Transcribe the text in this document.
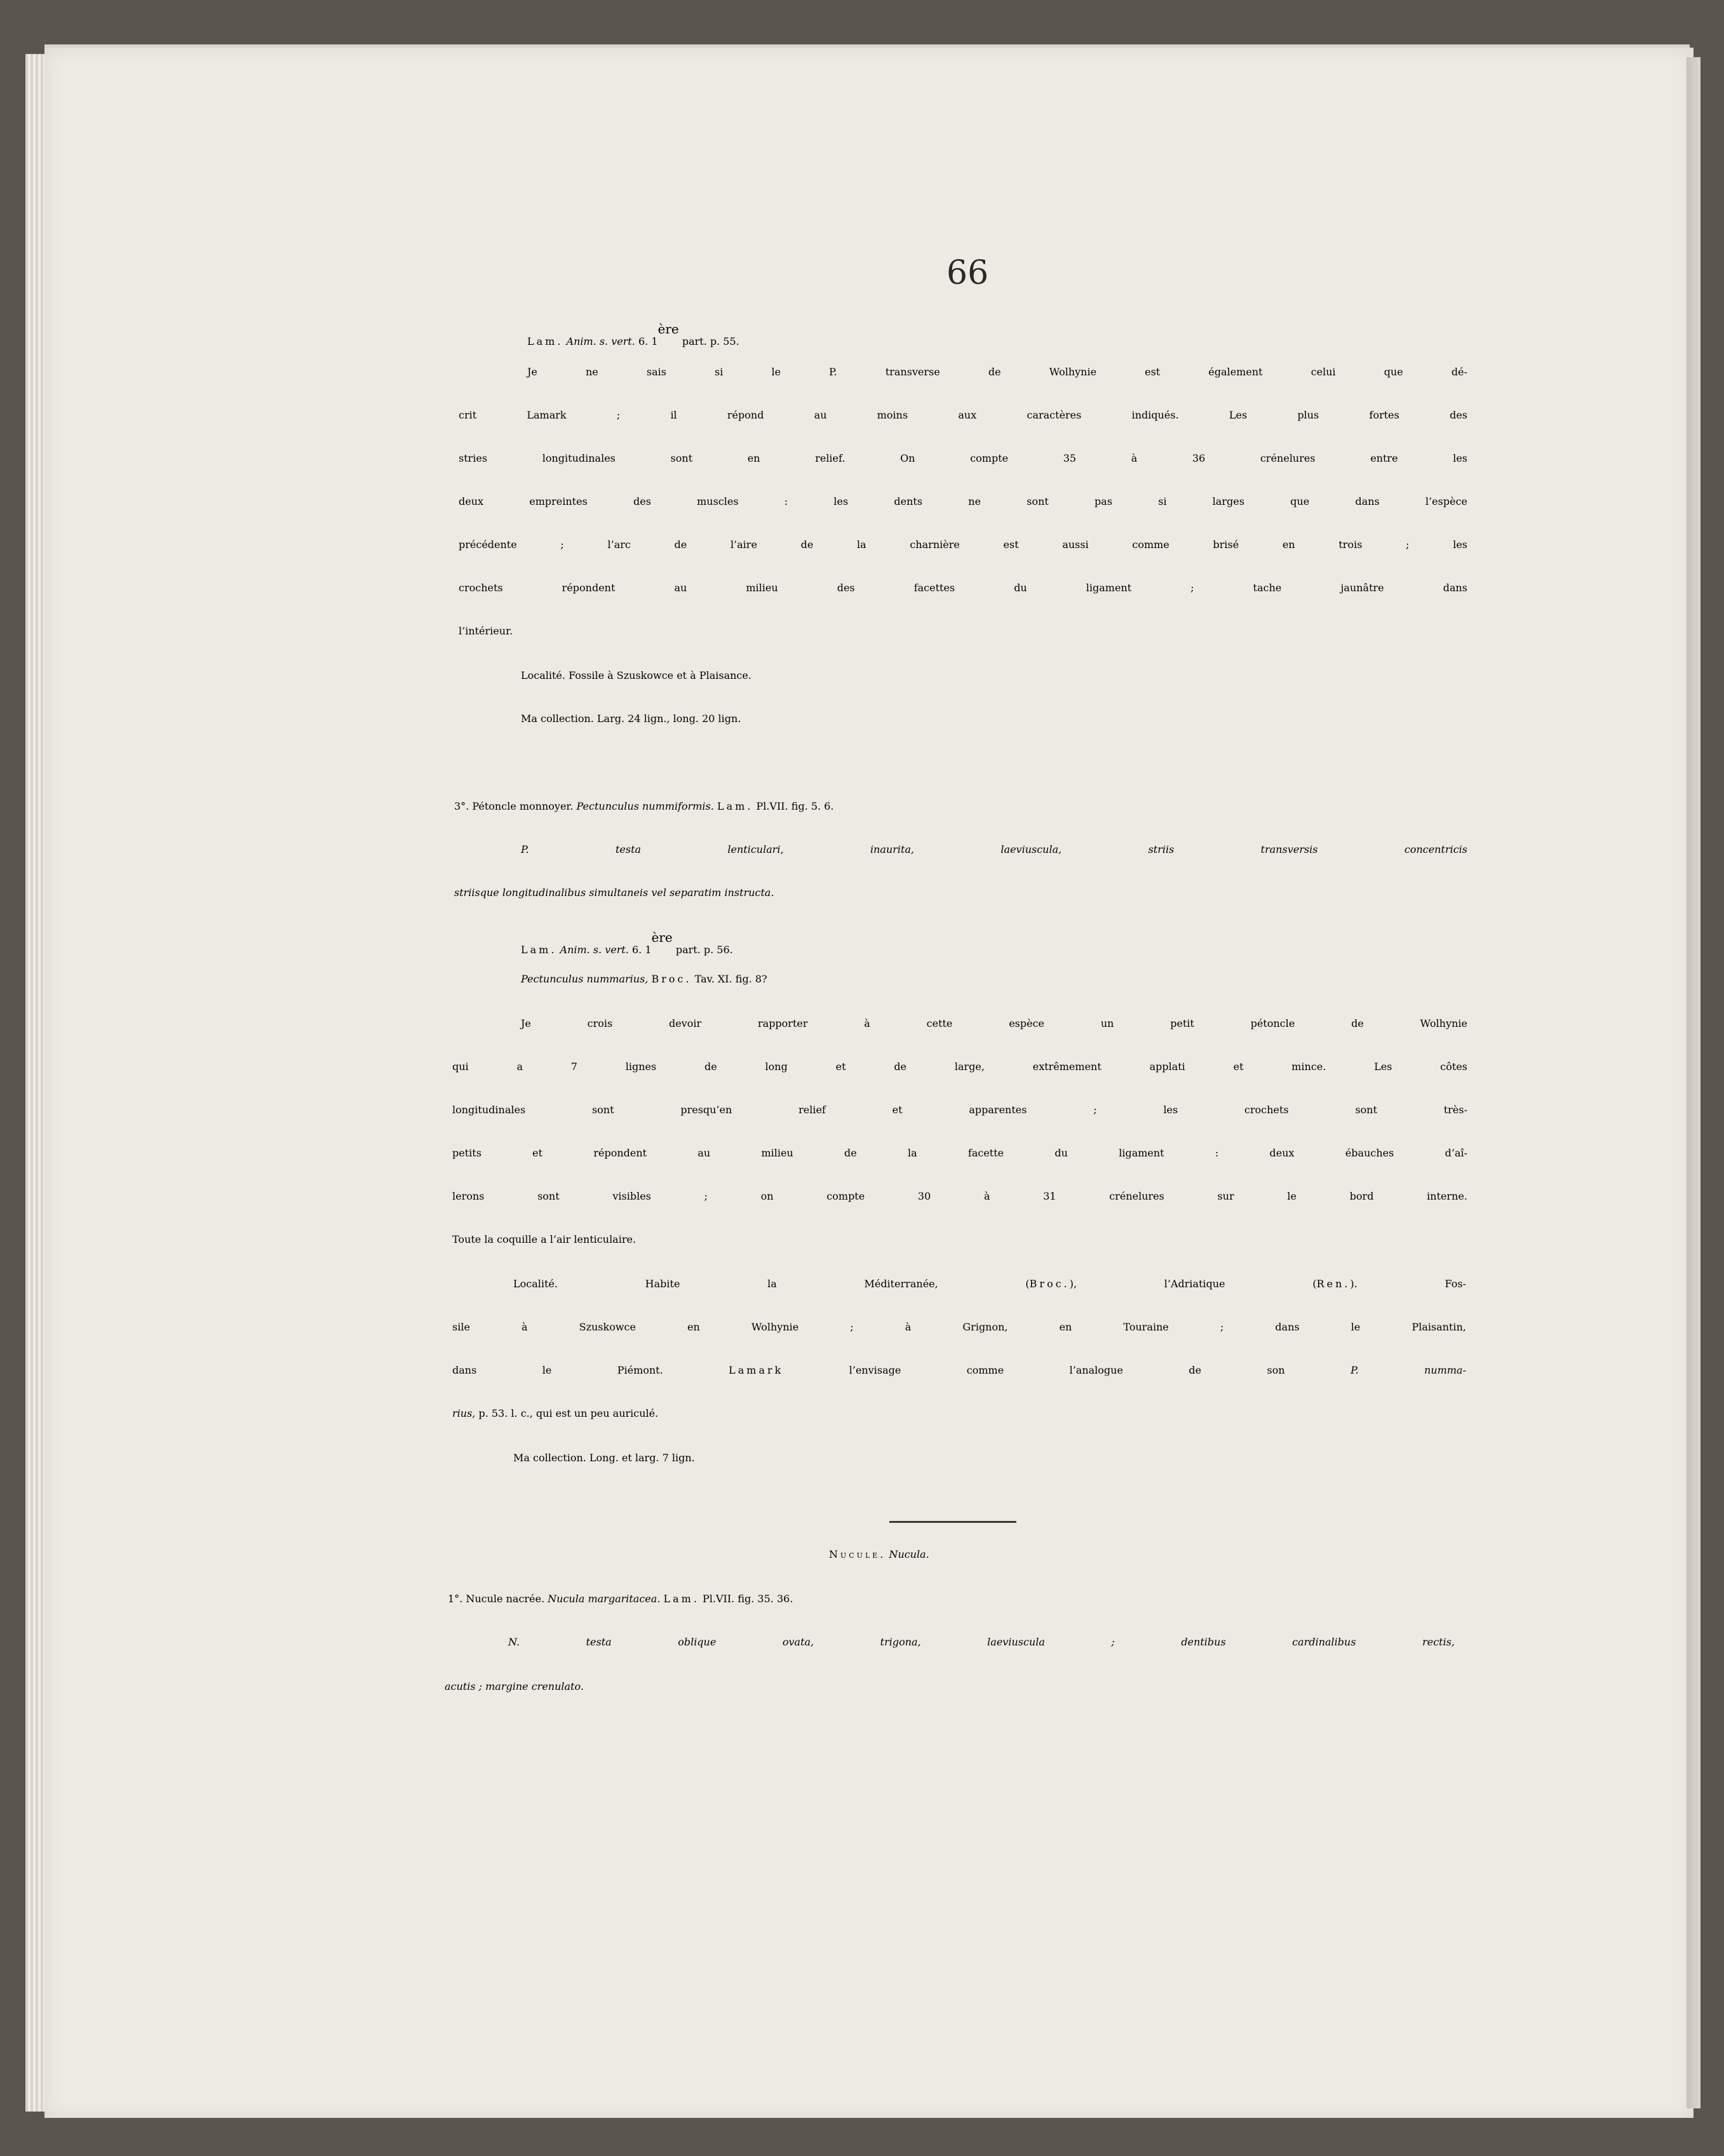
66
Lam. Anim. s. vert. 6. 1ère part. p. 55.
Je ne sais si le P. transverse de Wolhynie est également celui que dé-
crit Lamark ; il répond au moins aux caractères indiqués. Les plus fortes des
stries longitudinales sont en relief. On compte 35 à 36 crénelures entre les
deux empreintes des muscles : les dents ne sont pas si larges que dans l’espèce
précédente ; l’arc de l’aire de la charnière est aussi comme brisé en trois ; les
crochets répondent au milieu des facettes du ligament ; tache jaunâtre dans
l’intérieur.
Localité. Fossile à Szuskowce et à Plaisance.
Ma collection. Larg. 24 lign., long. 20 lign.
3°. Pétoncle monnoyer. Pectunculus nummiformis. Lam. Pl.VII. fig. 5. 6.
P. testa lenticulari, inaurita, laeviuscula, striis transversis concentricis
striisque longitudinalibus simultaneis vel separatim instructa.
Lam. Anim. s. vert. 6. 1ère part. p. 56.
Pectunculus nummarius, Broc. Tav. XI. fig. 8?
Je crois devoir rapporter à cette espèce un petit pétoncle de Wolhynie
qui a 7 lignes de long et de large, extrêmement applati et mince. Les côtes
longitudinales sont presqu’en relief et apparentes ; les crochets sont très-
petits et répondent au milieu de la facette du ligament : deux ébauches d’aî-
lerons sont visibles ; on compte 30 à 31 crénelures sur le bord interne.
Toute la coquille a l’air lenticulaire.
Localité. Habite la Méditerranée, (Broc.), l’Adriatique (Ren.). Fos-
sile à Szuskowce en Wolhynie ; à Grignon, en Touraine ; dans le Plaisantin,
dans le Piémont. Lamark l’envisage comme l’analogue de son P. numma-
rius, p. 53. l. c., qui est un peu auriculé.
Ma collection. Long. et larg. 7 lign.
Nucule. Nucula.
1°. Nucule nacrée. Nucula margaritacea. Lam. Pl.VII. fig. 35. 36.
N. testa oblique ovata, trigona, laeviuscula ; dentibus cardinalibus rectis,
acutis ; margine crenulato.
